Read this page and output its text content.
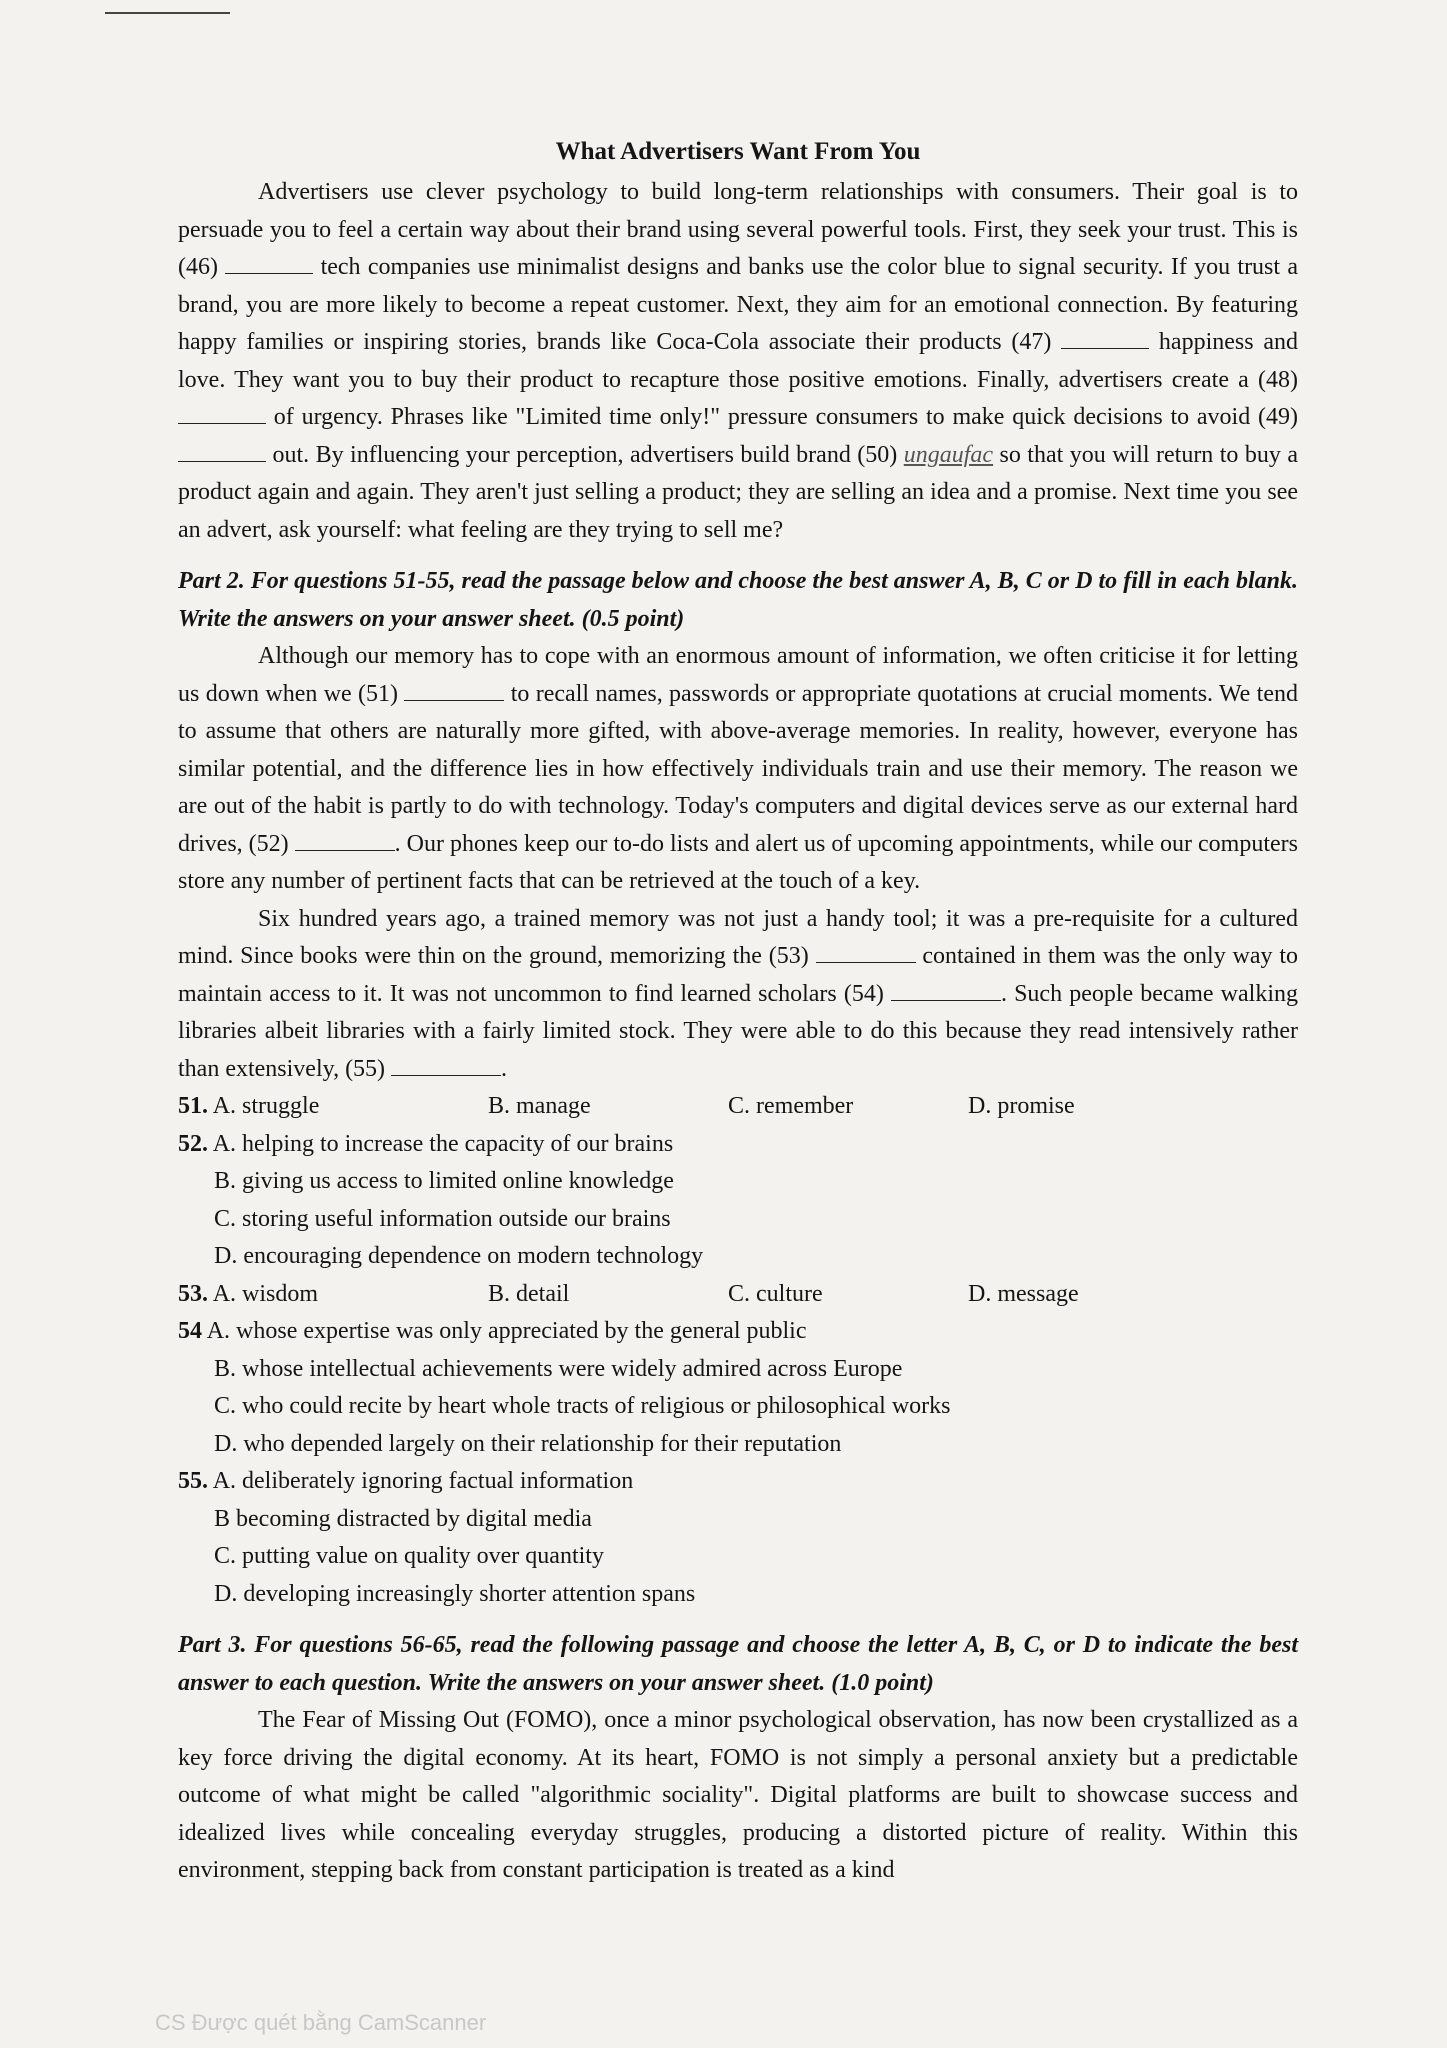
What Advertisers Want From You

Advertisers use clever psychology to build long-term relationships with consumers. Their goal is to persuade you to feel a certain way about their brand using several powerful tools. First, they seek your trust. This is (46)	tech companies use minimalist designs and banks use the color blue to signal security. If you trust a brand, you are more likely to become a repeat customer. Next, they aim for an emotional connection. By featuring happy families or inspiring stories, brands like Coca-Cola associate their products (47)	happiness and love. They want you to buy their product to recapture those positive emotions. Finally, advertisers create a (48)  of urgency. Phrases like "Limited time only!" pressure consumers to make quick decisions to avoid (49)  out. By influencing your perception, advertisers build brand (50) ungaufac so that you will return to buy a product again and again. They aren't just selling a product; they are selling an idea and a promise. Next time you see an advert, ask yourself: what feeling are they trying to sell me?

Part 2. For questions 51-55, read the passage below and choose the best answer A, B, C or D to fill in each blank. Write the answers on your answer sheet. (0.5 point)

Although our memory has to cope with an enormous amount of information, we often criticise it for letting us down when we (51)	to recall names, passwords or appropriate quotations at crucial moments. We tend to assume that others are naturally more gifted, with above-average memories. In reality, however, everyone has similar potential, and the difference lies in how effectively individuals train and use their memory. The reason we are out of the habit is partly to do with technology. Today's computers and digital devices serve as our external hard drives, (52)	. Our phones keep our to-do lists and alert us of upcoming appointments, while our computers store any number of pertinent facts that can be retrieved at the touch of a key.

Six hundred years ago, a trained memory was not just a handy tool; it was a pre-requisite for a cultured mind. Since books were thin on the ground, memorizing the (53)	contained in them was the only way to maintain access to it. It was not uncommon to find learned scholars (54)	. Such people became walking libraries albeit libraries with a fairly limited stock. They were able to do this because they read intensively rather than extensively, (55)	.

51. A. struggle	B. manage	C. remember	D. promise
52. A. helping to increase the capacity of our brains
B. giving us access to limited online knowledge
C. storing useful information outside our brains
D. encouraging dependence on modern technology
53. A. wisdom	B. detail	C. culture	D. message
54 A. whose expertise was only appreciated by the general public
B. whose intellectual achievements were widely admired across Europe
C. who could recite by heart whole tracts of religious or philosophical works
D. who depended largely on their relationship for their reputation
55. A. deliberately ignoring factual information
B becoming distracted by digital media
C. putting value on quality over quantity
D. developing increasingly shorter attention spans
Part 3. For questions 56-65, read the following passage and choose the letter A, B, C, or D to indicate the best answer to each question. Write the answers on your answer sheet. (1.0 point)

The Fear of Missing Out (FOMO), once a minor psychological observation, has now been crystallized as a key force driving the digital economy. At its heart, FOMO is not simply a personal anxiety but a predictable outcome of what might be called "algorithmic sociality". Digital platforms are built to showcase success and idealized lives while concealing everyday struggles, producing a distorted picture of reality. Within this environment, stepping back from constant participation is treated as a kind

CS Được quét bằng CamScanner
